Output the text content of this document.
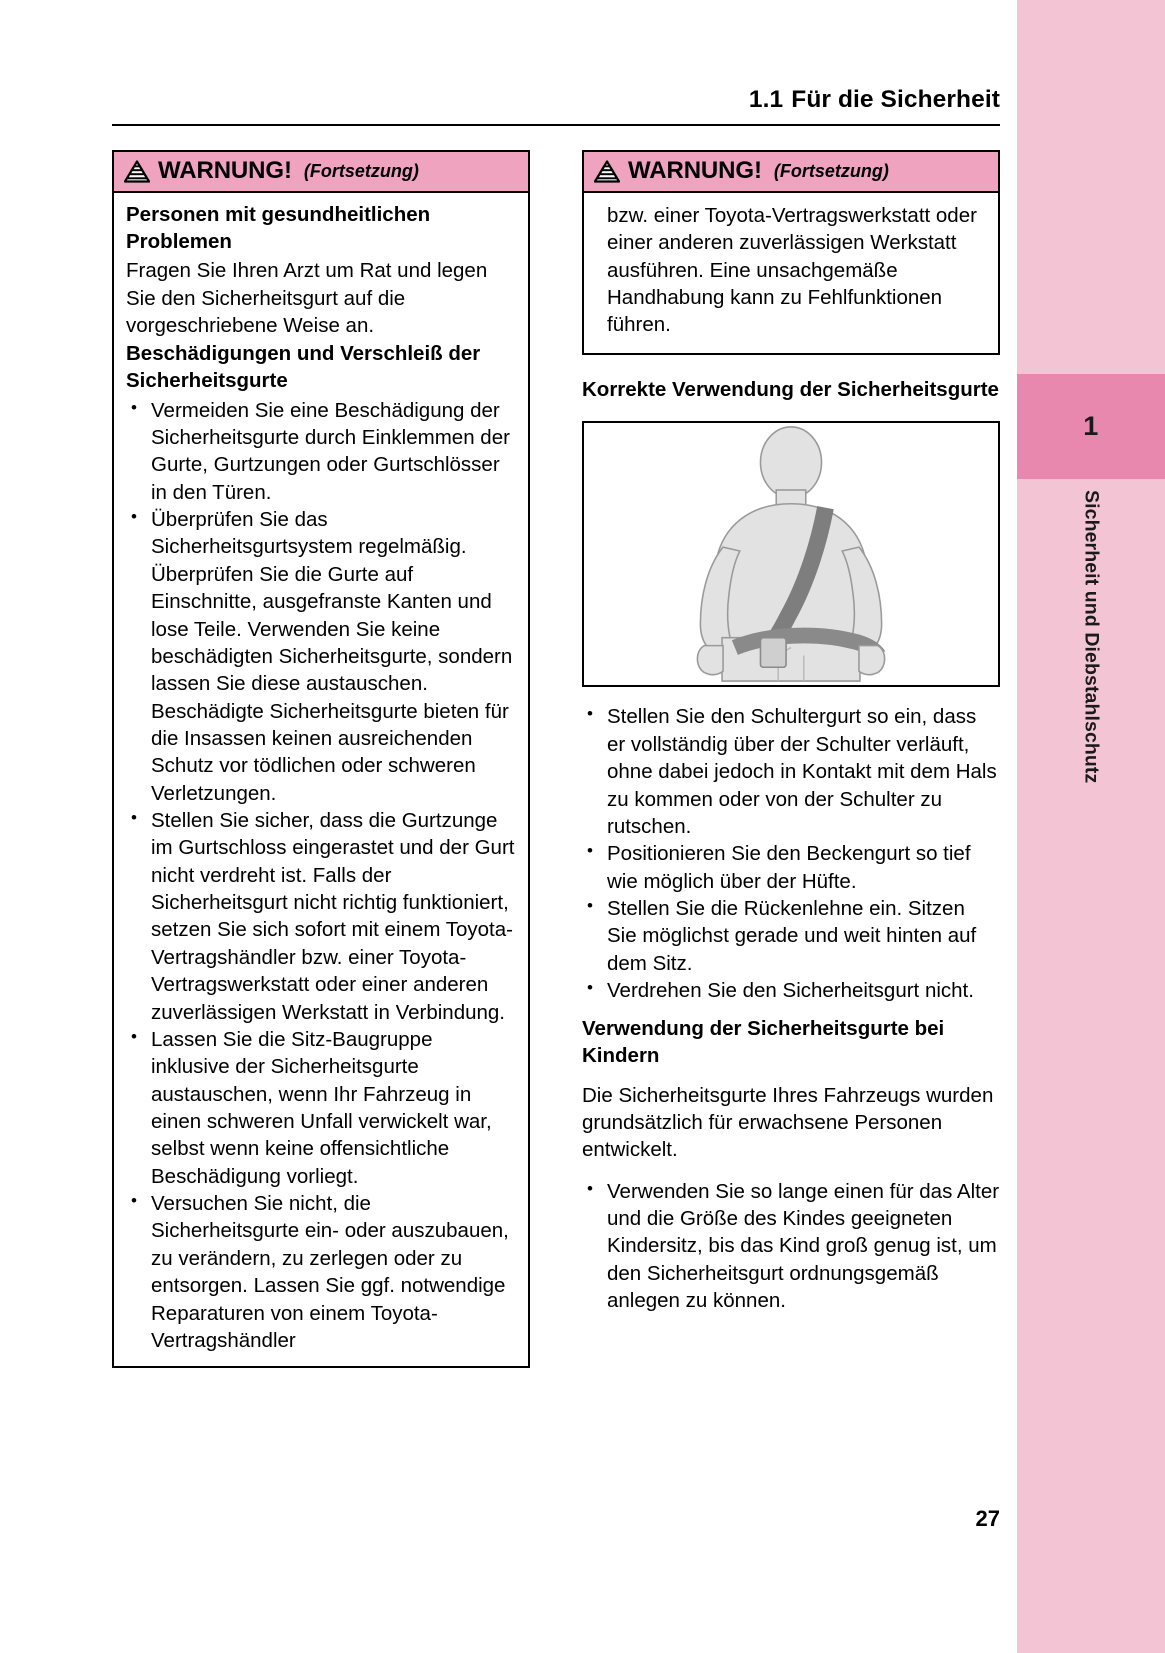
1
Sicherheit und Diebstahlschutz
1.1 Für die Sicherheit
WARNUNG! (Fortsetzung)
Personen mit gesundheitlichen Problemen

Fragen Sie Ihren Arzt um Rat und legen Sie den Sicherheitsgurt auf die vorgeschriebene Weise an.

Beschädigungen und Verschleiß der Sicherheitsgurte
• Vermeiden Sie eine Beschädigung der Sicherheitsgurte durch Einklemmen der Gurte, Gurtzungen oder Gurtschlösser in den Türen.
• Überprüfen Sie das Sicherheitsgurtsystem regelmäßig. Überprüfen Sie die Gurte auf Einschnitte, ausgefranste Kanten und lose Teile. Verwenden Sie keine beschädigten Sicherheitsgurte, sondern lassen Sie diese austauschen. Beschädigte Sicherheitsgurte bieten für die Insassen keinen ausreichenden Schutz vor tödlichen oder schweren Verletzungen.
• Stellen Sie sicher, dass die Gurtzunge im Gurtschloss eingerastet und der Gurt nicht verdreht ist. Falls der Sicherheitsgurt nicht richtig funktioniert, setzen Sie sich sofort mit einem Toyota-Vertragshändler bzw. einer Toyota-Vertragswerkstatt oder einer anderen zuverlässigen Werkstatt in Verbindung.
• Lassen Sie die Sitz-Baugruppe inklusive der Sicherheitsgurte austauschen, wenn Ihr Fahrzeug in einen schweren Unfall verwickelt war, selbst wenn keine offensichtliche Beschädigung vorliegt.
• Versuchen Sie nicht, die Sicherheitsgurte ein- oder auszubauen, zu verändern, zu zerlegen oder zu entsorgen. Lassen Sie ggf. notwendige Reparaturen von einem Toyota-Vertragshändler
WARNUNG! (Fortsetzung)

bzw. einer Toyota-Vertragswerkstatt oder einer anderen zuverlässigen Werkstatt ausführen. Eine unsachgemäße Handhabung kann zu Fehlfunktionen führen.

Korrekte Verwendung der Sicherheitsgurte
• Stellen Sie den Schultergurt so ein, dass er vollständig über der Schulter verläuft, ohne dabei jedoch in Kontakt mit dem Hals zu kommen oder von der Schulter zu rutschen.
• Positionieren Sie den Beckengurt so tief wie möglich über der Hüfte.
• Stellen Sie die Rückenlehne ein. Sitzen Sie möglichst gerade und weit hinten auf dem Sitz.
• Verdrehen Sie den Sicherheitsgurt nicht.
Verwendung der Sicherheitsgurte bei Kindern

Die Sicherheitsgurte Ihres Fahrzeugs wurden grundsätzlich für erwachsene Personen entwickelt.

• Verwenden Sie so lange einen für das Alter und die Größe des Kindes geeigneten Kindersitz, bis das Kind groß genug ist, um den Sicherheitsgurt ordnungsgemäß anlegen zu können.
27
